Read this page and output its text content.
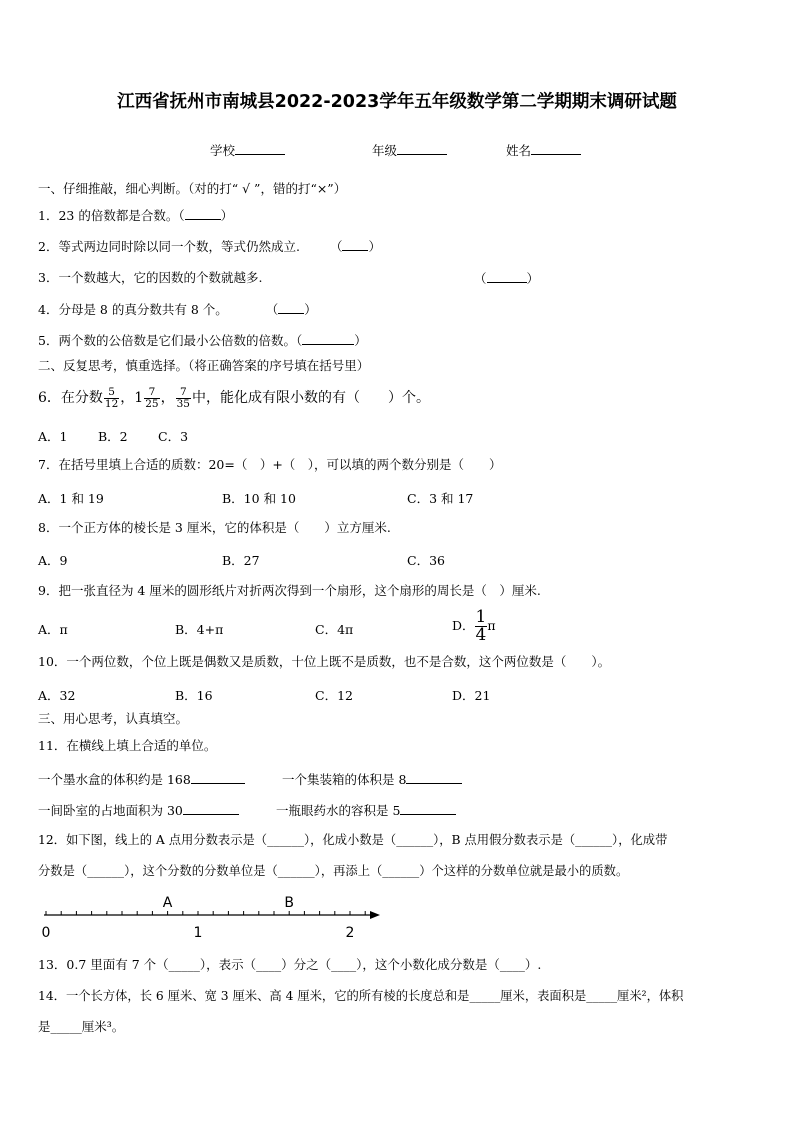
江西省抚州市南城县2022-2023学年五年级数学第二学期期末调研试题
学校	年级	姓名
一、仔细推敲，细心判断。（对的打“ √ ”，错的打“×”）
1．23 的倍数都是合数。（	）
2．等式两边同时除以同一个数，等式仍然成立. （ ）
3．一个数越大，它的因数的个数就越多.	（	）
4．分母是 8 的真分数共有 8 个。	（ ）
5．两个数的公倍数是它们最小公倍数的倍数。（	）
二、反复思考，慎重选择。（将正确答案的序号填在括号里）
6．在分数 $\frac{5}{12}$ ，$1 \frac{7}{25}$ ， $\frac{7}{35}$ 中，能化成有限小数的有（　　）个。
A．1 B．2 C．3
7．在括号里填上合适的质数：20=（　）+（　），可以填的两个数分别是（　　）
A．1 和 19	B．10 和 10	C．3 和 17
8．一个正方体的棱长是 3 厘米，它的体积是（　　）立方厘米.
A．9	B．27	C．36
9．把一张直径为 4 厘米的圆形纸片对折两次得到一个扇形，这个扇形的周长是（　）厘米.
A．π	B．4+π	C．4π	D． $\frac{1}{4}\pi$
10．一个两位数，个位上既是偶数又是质数，十位上既不是质数，也不是合数，这个两位数是（　　）。
A．32	B．16	C．12	D．21
三、用心思考，认真填空。
11．在横线上填上合适的单位。
一个墨水盒的体积约是 168	一个集装箱的体积是 8
一间卧室的占地面积为 30	一瓶眼药水的容积是 5
12．如下图，线上的 A 点用分数表示是（______），化成小数是（______），B 点用假分数表示是（______），化成带
分数是（______），这个分数的分数单位是（______），再添上（______）个这样的分数单位就是最小的质数。
0	1	2
A	B
13．0.7 里面有 7 个（_____），表示（____）分之（____），这个小数化成分数是（____）.
14．一个长方体，长 6 厘米、宽 3 厘米、高 4 厘米，它的所有棱的长度总和是_____厘米，表面积是_____厘米²，体积
是_____厘米³。
